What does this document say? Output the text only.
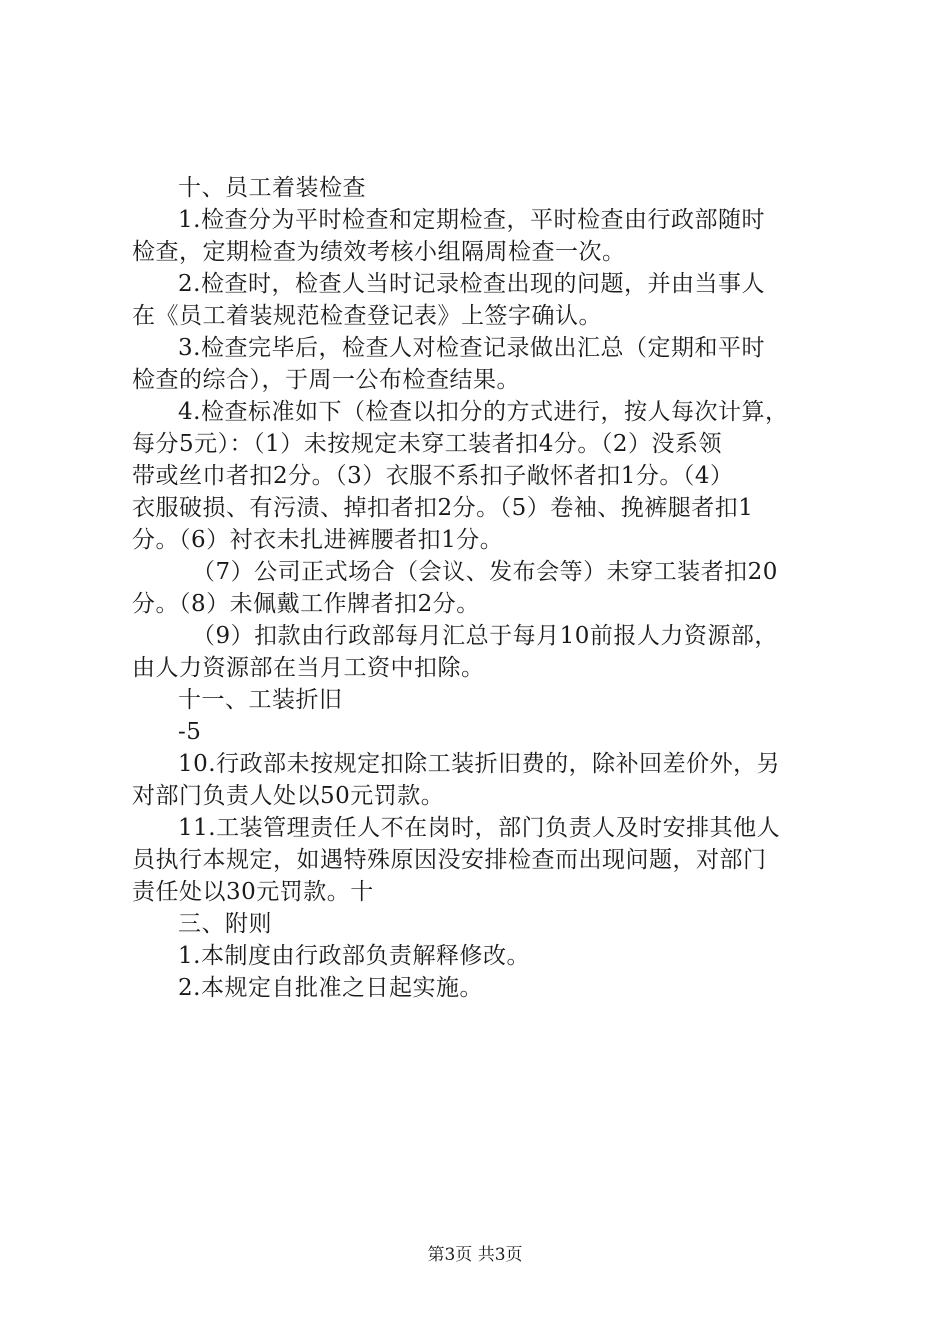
十、员工着装检查
1.检查分为平时检查和定期检查，平时检查由行政部随时
检查，定期检查为绩效考核小组隔周检查一次。
2.检查时，检查人当时记录检查出现的问题，并由当事人
在《员工着装规范检查登记表》上签字确认。
3.检查完毕后，检查人对检查记录做出汇总（定期和平时
检查的综合），于周一公布检查结果。
4.检查标准如下（检查以扣分的方式进行，按人每次计算，
每分5元）：（1）未按规定未穿工装者扣4分。（2）没系领
带或丝巾者扣2分。（3）衣服不系扣子敞怀者扣1分。（4）
衣服破损、有污渍、掉扣者扣2分。（5）卷袖、挽裤腿者扣1
分。（6）衬衣未扎进裤腰者扣1分。
（7）公司正式场合（会议、发布会等）未穿工装者扣20
分。（8）未佩戴工作牌者扣2分。
（9）扣款由行政部每月汇总于每月10前报人力资源部，
由人力资源部在当月工资中扣除。
十一、工装折旧
-5
10.行政部未按规定扣除工装折旧费的，除补回差价外，另
对部门负责人处以50元罚款。
11.工装管理责任人不在岗时，部门负责人及时安排其他人
员执行本规定，如遇特殊原因没安排检查而出现问题，对部门
责任处以30元罚款。十
三、附则
1.本制度由行政部负责解释修改。
2.本规定自批准之日起实施。
第3页 共3页
